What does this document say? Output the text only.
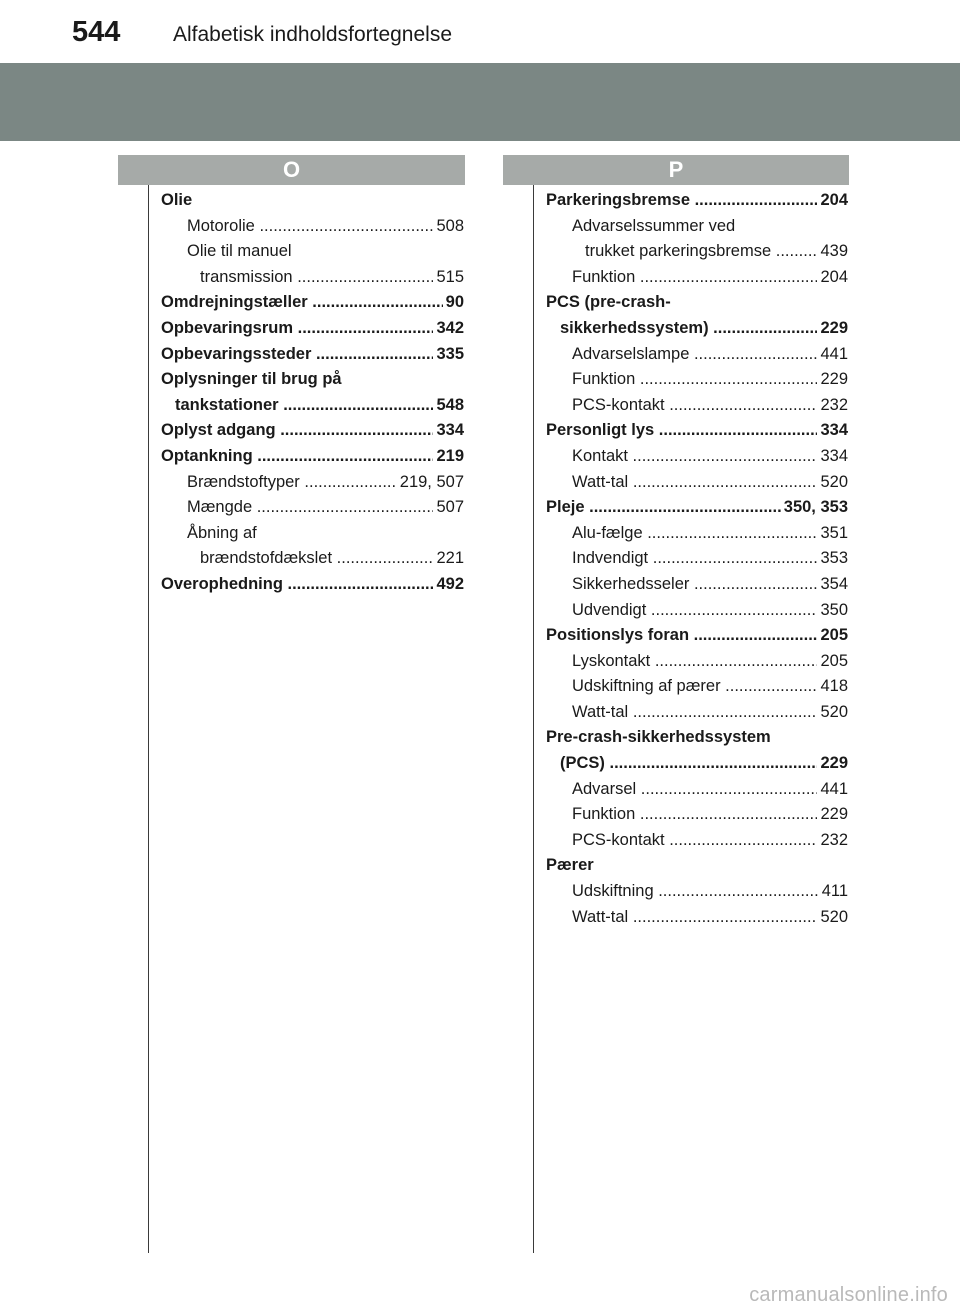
544	Alfabetisk indholdsfortegnelse
O	P
Olie
Motorolie	508
.....
Olie til manuel
transmission	515
.....
Omdrejningstæller	90
.....
Opbevaringsrum	342
.....
Opbevaringssteder	335
.....
Oplysninger til brug på
tankstationer	548
.....
Oplyst adgang	334
.....
Optankning	219
.....
Brændstoftyper	219, 507
.....
Mængde	507
.....
Åbning af
brændstofdækslet	221
.....
Overophedning	492
.....
Parkeringsbremse	204
.....
Advarselssummer ved
trukket parkeringsbremse	439
.....
Funktion	204
.....
PCS (pre-crash-
sikkerhedssystem)	229
.....
Advarselslampe	441
.....
Funktion	229
.....
PCS-kontakt	232
.....
Personligt lys	334
.....
Kontakt	334
.....
Watt-tal	520
.....
Pleje	350, 353
.....
Alu-fælge	351
.....
Indvendigt	353
.....
Sikkerhedsseler	354
.....
Udvendigt	350
.....
Positionslys foran	205
.....
Lyskontakt	205
.....
Udskiftning af pærer	418
.....
Watt-tal	520
.....
Pre-crash-sikkerhedssystem
(PCS)	229
.....
Advarsel	441
.....
Funktion	229
.....
PCS-kontakt	232
.....
Pærer
Udskiftning	411
.....
Watt-tal	520
.....
carmanualsonline.info
